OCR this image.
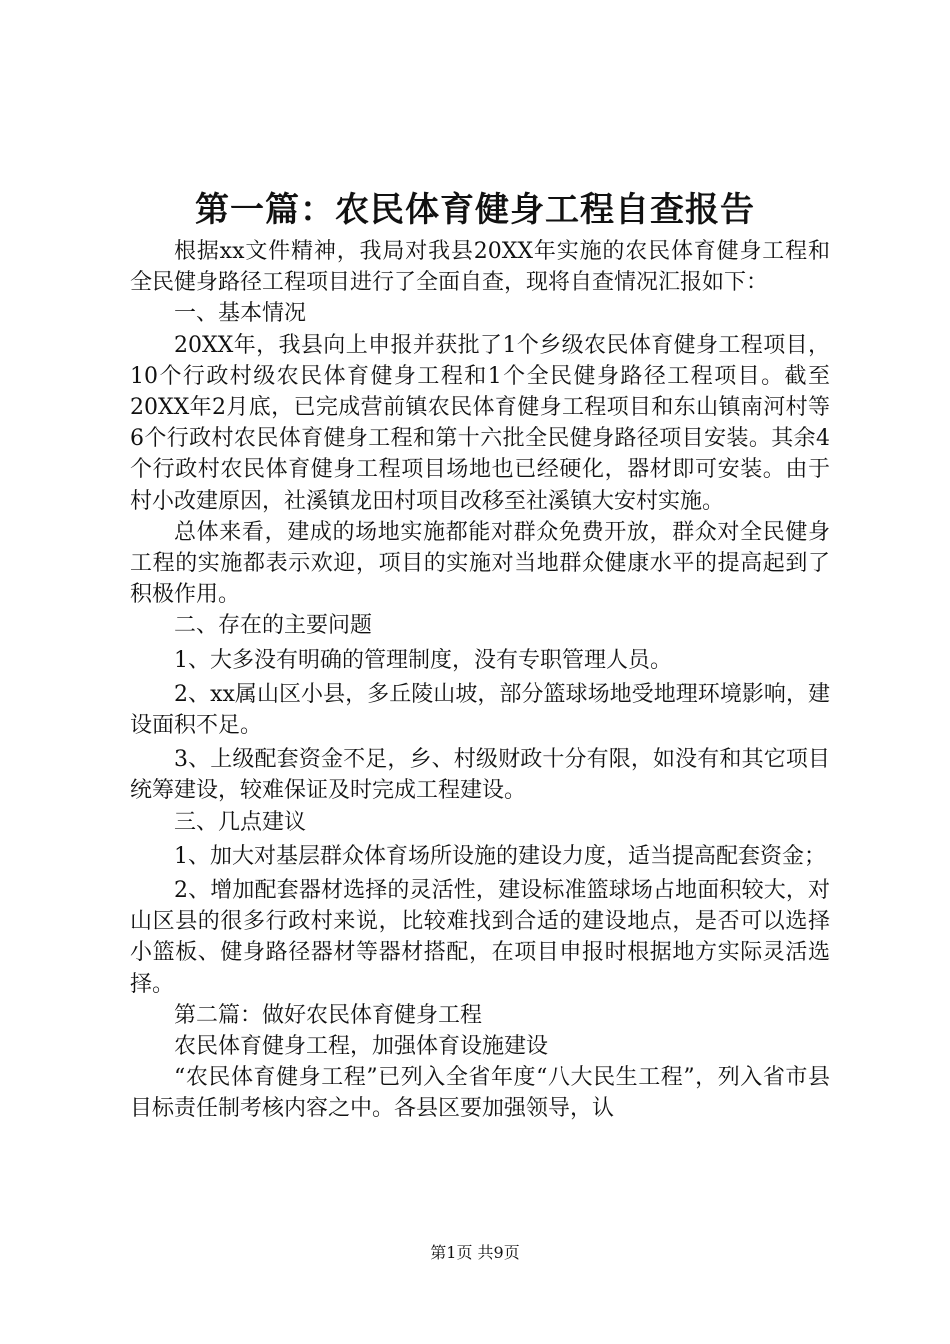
第一篇：农民体育健身工程自查报告

根据xx文件精神，我局对我县20XX年实施的农民体育健身工程和全民健身路径工程项目进行了全面自查，现将自查情况汇报如下：

一、基本情况

20XX年，我县向上申报并获批了1个乡级农民体育健身工程项目，10个行政村级农民体育健身工程和1个全民健身路径工程项目。截至20XX年2月底，已完成营前镇农民体育健身工程项目和东山镇南河村等6个行政村农民体育健身工程和第十六批全民健身路径项目安装。其余4个行政村农民体育健身工程项目场地也已经硬化，器材即可安装。由于村小改建原因，社溪镇龙田村项目改移至社溪镇大安村实施。

总体来看，建成的场地实施都能对群众免费开放，群众对全民健身工程的实施都表示欢迎，项目的实施对当地群众健康水平的提高起到了积极作用。

二、存在的主要问题

1、大多没有明确的管理制度，没有专职管理人员。

2、xx属山区小县，多丘陵山坡，部分篮球场地受地理环境影响，建设面积不足。

3、上级配套资金不足，乡、村级财政十分有限，如没有和其它项目统筹建设，较难保证及时完成工程建设。

三、几点建议

1、加大对基层群众体育场所设施的建设力度，适当提高配套资金；

2、增加配套器材选择的灵活性，建设标准篮球场占地面积较大，对山区县的很多行政村来说，比较难找到合适的建设地点，是否可以选择小篮板、健身路径器材等器材搭配，在项目申报时根据地方实际灵活选择。

第二篇：做好农民体育健身工程

农民体育健身工程，加强体育设施建设

“农民体育健身工程”已列入全省年度“八大民生工程”，列入省市县目标责任制考核内容之中。各县区要加强领导，认

第1页 共9页
